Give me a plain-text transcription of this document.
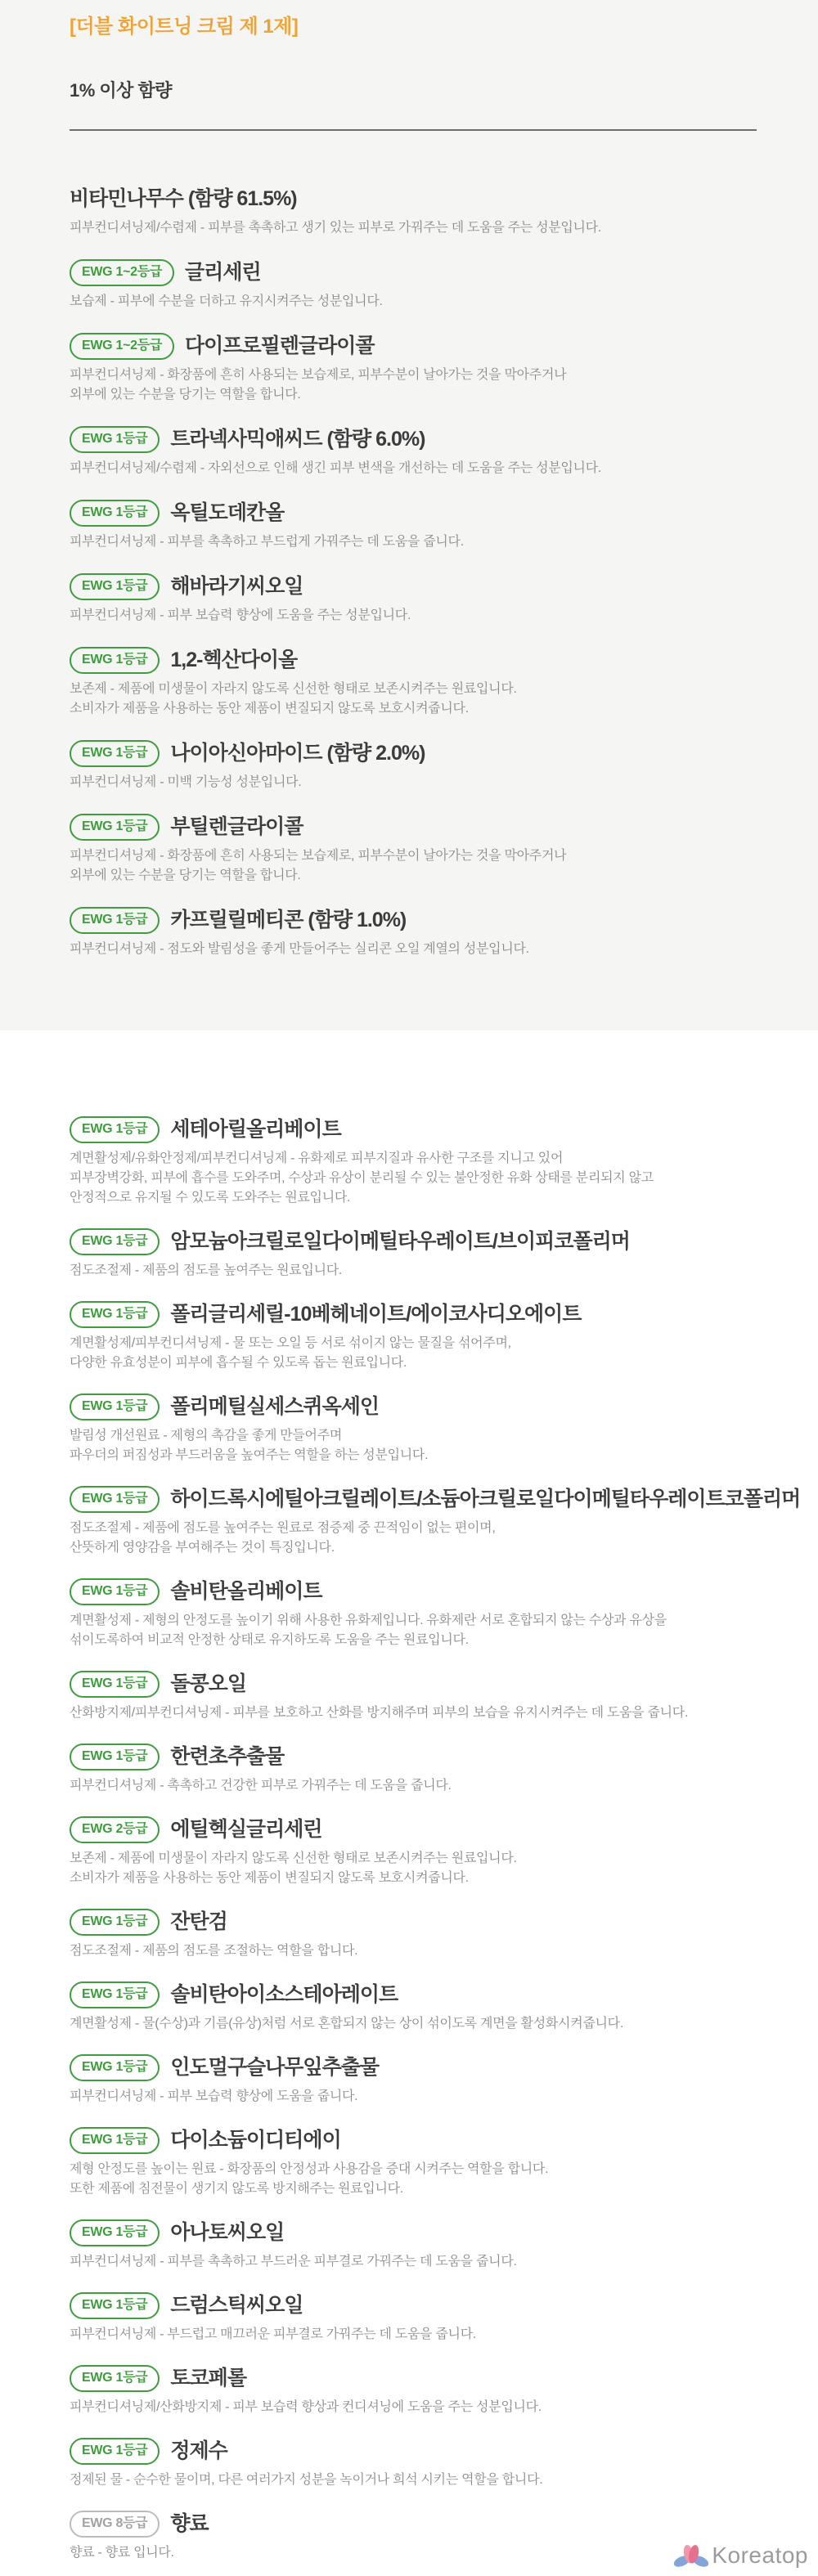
[더블 화이트닝 크림 제 1제]
1% 이상 함량
비타민나무수 (함량 61.5%)
피부컨디셔닝제/수렴제 - 피부를 촉촉하고 생기 있는 피부로 가꿔주는 데 도움을 주는 성분입니다.
EWG 1~2등급	글리세린
보습제 - 피부에 수분을 더하고 유지시켜주는 성분입니다.
EWG 1~2등급	다이프로필렌글라이콜
피부컨디셔닝제 - 화장품에 흔히 사용되는 보습제로, 피부수분이 날아가는 것을 막아주거나
외부에 있는 수분을 당기는 역할을 합니다.
EWG 1등급	트라넥사믹애씨드 (함량 6.0%)
피부컨디셔닝제/수렴제 - 자외선으로 인해 생긴 피부 변색을 개선하는 데 도움을 주는 성분입니다.
EWG 1등급	옥틸도데칸올
피부컨디셔닝제 - 피부를 촉촉하고 부드럽게 가꿔주는 데 도움을 줍니다.
EWG 1등급	해바라기씨오일
피부컨디셔닝제 - 피부 보습력 향상에 도움을 주는 성분입니다.
EWG 1등급	1,2-헥산다이올
보존제 - 제품에 미생물이 자라지 않도록 신선한 형태로 보존시켜주는 원료입니다.
소비자가 제품을 사용하는 동안 제품이 변질되지 않도록 보호시켜줍니다.
EWG 1등급	나이아신아마이드 (함량 2.0%)
피부컨디셔닝제 - 미백 기능성 성분입니다.
EWG 1등급	부틸렌글라이콜
피부컨디셔닝제 - 화장품에 흔히 사용되는 보습제로, 피부수분이 날아가는 것을 막아주거나
외부에 있는 수분을 당기는 역할을 합니다.
EWG 1등급	카프릴릴메티콘 (함량 1.0%)
피부컨디셔닝제 - 점도와 발림성을 좋게 만들어주는 실리콘 오일 계열의 성분입니다.
EWG 1등급	세테아릴올리베이트
계면활성제/유화안정제/피부컨디셔닝제 - 유화제로 피부지질과 유사한 구조를 지니고 있어
피부장벽강화, 피부에 흡수를 도와주며, 수상과 유상이 분리될 수 있는 불안정한 유화 상태를 분리되지 않고
안정적으로 유지될 수 있도록 도와주는 원료입니다.
EWG 1등급	암모늄아크릴로일다이메틸타우레이트/브이피코폴리머
점도조절제 - 제품의 점도를 높여주는 원료입니다.
EWG 1등급	폴리글리세릴-10베헤네이트/에이코사디오에이트
계면활성제/피부컨디셔닝제 - 물 또는 오일 등 서로 섞이지 않는 물질을 섞어주며,
다양한 유효성분이 피부에 흡수될 수 있도록 돕는 원료입니다.
EWG 1등급	폴리메틸실세스퀴옥세인
발림성 개선원료 - 제형의 촉감을 좋게 만들어주며
파우더의 퍼짐성과 부드러움을 높여주는 역할을 하는 성분입니다.
EWG 1등급	하이드록시에틸아크릴레이트/소듐아크릴로일다이메틸타우레이트코폴리머
점도조절제 - 제품에 점도를 높여주는 원료로 점증제 중 끈적임이 없는 편이며,
산뜻하게 영양감을 부여해주는 것이 특징입니다.
EWG 1등급	솔비탄올리베이트
계면활성제 - 제형의 안정도를 높이기 위해 사용한 유화제입니다. 유화제란 서로 혼합되지 않는 수상과 유상을
섞이도록하여 비교적 안정한 상태로 유지하도록 도움을 주는 원료입니다.
EWG 1등급	돌콩오일
산화방지제/피부컨디셔닝제 - 피부를 보호하고 산화를 방지해주며 피부의 보습을 유지시켜주는 데 도움을 줍니다.
EWG 1등급	한련초추출물
피부컨디셔닝제 - 촉촉하고 건강한 피부로 가꿔주는 데 도움을 줍니다.
EWG 2등급	에틸헥실글리세린
보존제 - 제품에 미생물이 자라지 않도록 신선한 형태로 보존시켜주는 원료입니다.
소비자가 제품을 사용하는 동안 제품이 변질되지 않도록 보호시켜줍니다.
EWG 1등급	잔탄검
점도조절제 - 제품의 점도를 조절하는 역할을 합니다.
EWG 1등급	솔비탄아이소스테아레이트
계면활성제 - 물(수상)과 기름(유상)처럼 서로 혼합되지 않는 상이 섞이도록 계면을 활성화시켜줍니다.
EWG 1등급	인도멀구슬나무잎추출물
피부컨디셔닝제 - 피부 보습력 향상에 도움을 줍니다.
EWG 1등급	다이소듐이디티에이
제형 안정도를 높이는 원료 - 화장품의 안정성과 사용감을 증대 시켜주는 역할을 합니다.
또한 제품에 침전물이 생기지 않도록 방지해주는 원료입니다.
EWG 1등급	아나토씨오일
피부컨디셔닝제 - 피부를 촉촉하고 부드러운 피부결로 가꿔주는 데 도움을 줍니다.
EWG 1등급	드럼스틱씨오일
피부컨디셔닝제 - 부드럽고 매끄러운 피부결로 가꿔주는 데 도움을 줍니다.
EWG 1등급	토코페롤
피부컨디셔닝제/산화방지제 - 피부 보습력 향상과 컨디셔닝에 도움을 주는 성분입니다.
EWG 1등급	정제수
정제된 물 - 순수한 물이며, 다른 여러가지 성분을 녹이거나 희석 시키는 역할을 합니다.
EWG 8등급	향료
향료 - 향료 입니다.	Koreatop
